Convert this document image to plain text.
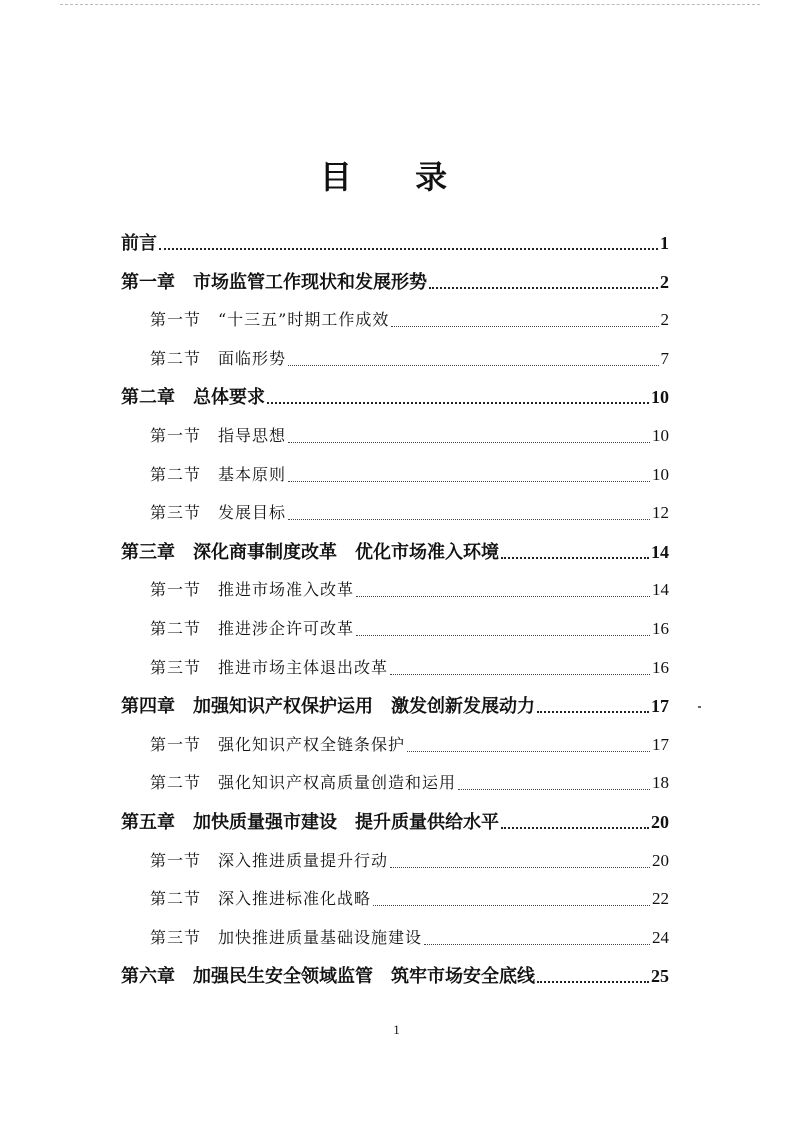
目 录
前言	1
第一章　市场监管工作现状和发展形势	2
第一节　“十三五”时期工作成效	2
第二节　面临形势	7
第二章　总体要求	10
第一节　指导思想	10
第二节　基本原则	10
第三节　发展目标	12
第三章　深化商事制度改革　优化市场准入环境	14
第一节　推进市场准入改革	14
第二节　推进涉企许可改革	16
第三节　推进市场主体退出改革	16
第四章　加强知识产权保护运用　激发创新发展动力	17
第一节　强化知识产权全链条保护	17
第二节　强化知识产权高质量创造和运用	18
第五章　加快质量强市建设　提升质量供给水平	20
第一节　深入推进质量提升行动	20
第二节　深入推进标准化战略	22
第三节　加快推进质量基础设施建设	24
第六章　加强民生安全领域监管　筑牢市场安全底线	25
1
